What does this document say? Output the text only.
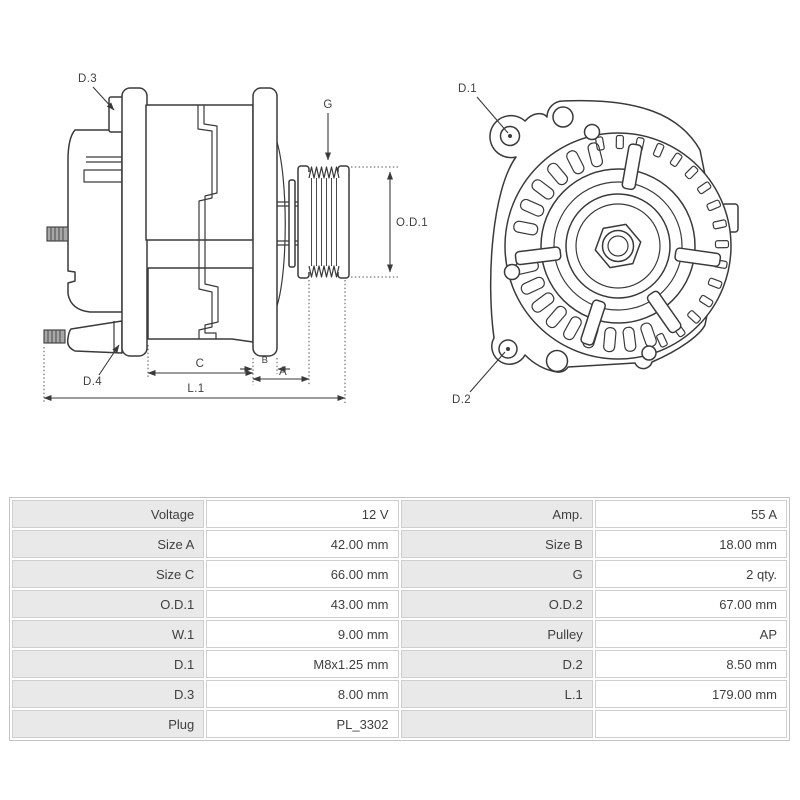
D.3
G
O.D.1
D.4
C	B
A
L.1
D.1
D.2
Voltage	12 V	Amp.	55 A
Size A	42.00 mm	Size B	18.00 mm
Size C	66.00 mm	G	2 qty.
O.D.1	43.00 mm	O.D.2	67.00 mm
W.1	9.00 mm	Pulley	AP
D.1	M8x1.25 mm	D.2	8.50 mm
D.3	8.00 mm	L.1	179.00 mm
Plug	PL_3302		
